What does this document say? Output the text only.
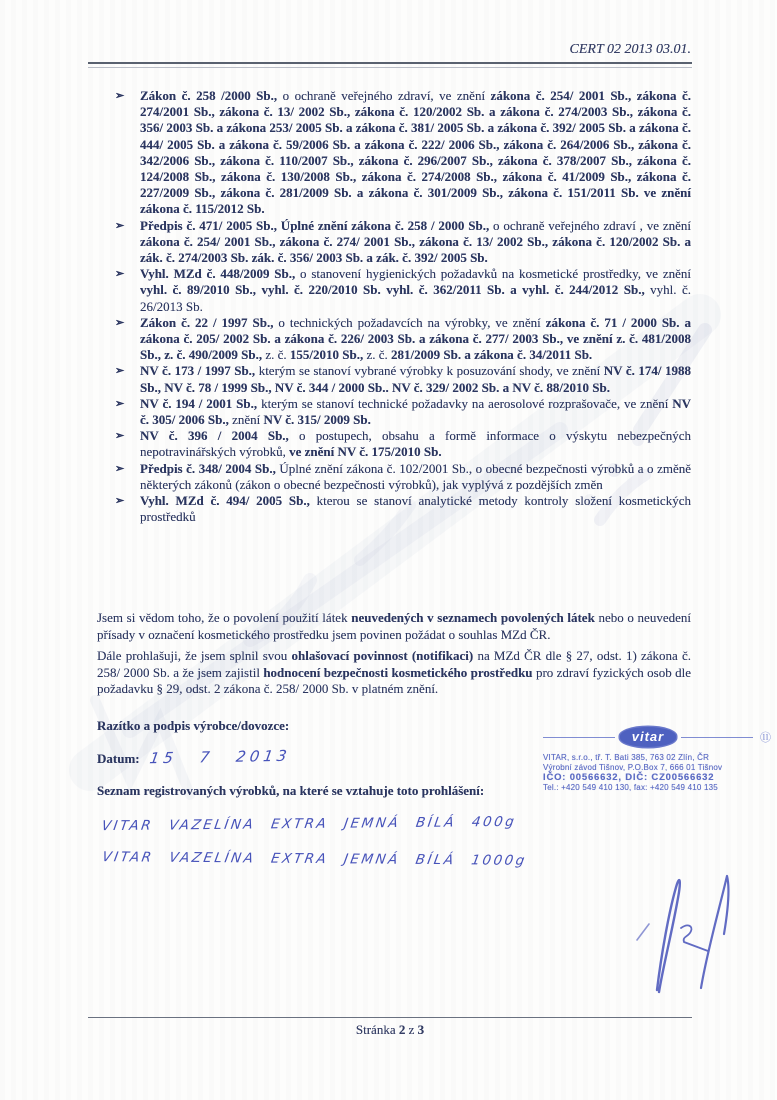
CERT 02 2013 03.01.
➢ Zákon č. 258 /2000 Sb., o ochraně veřejného zdraví, ve znění zákona č. 254/ 2001 Sb., zákona č. 274/2001 Sb., zákona č. 13/ 2002 Sb., zákona č. 120/2002 Sb. a zákona č. 274/2003 Sb., zákona č. 356/ 2003 Sb. a zákona 253/ 2005 Sb. a zákona č. 381/ 2005 Sb. a zákona č. 392/ 2005 Sb. a zákona č. 444/ 2005 Sb. a zákona č. 59/2006 Sb. a zákona č. 222/ 2006 Sb., zákona č. 264/2006 Sb., zákona č. 342/2006 Sb., zákona č. 110/2007 Sb., zákona č. 296/2007 Sb., zákona č. 378/2007 Sb., zákona č. 124/2008 Sb., zákona č. 130/2008 Sb., zákona č. 274/2008 Sb., zákona č. 41/2009 Sb., zákona č. 227/2009 Sb., zákona č. 281/2009 Sb. a zákona č. 301/2009 Sb., zákona č. 151/2011 Sb. ve znění zákona č. 115/2012 Sb.
➢ Předpis č. 471/ 2005 Sb., Úplné znění zákona č. 258 / 2000 Sb., o ochraně veřejného zdraví , ve znění zákona č. 254/ 2001 Sb., zákona č. 274/ 2001 Sb., zákona č. 13/ 2002 Sb., zákona č. 120/2002 Sb. a zák. č. 274/2003 Sb. zák. č. 356/ 2003 Sb. a zák. č. 392/ 2005 Sb.
➢ Vyhl. MZd č. 448/2009 Sb., o stanovení hygienických požadavků na kosmetické prostředky, ve znění vyhl. č. 89/2010 Sb., vyhl. č. 220/2010 Sb. vyhl. č. 362/2011 Sb. a vyhl. č. 244/2012 Sb., vyhl. č. 26/2013 Sb.
➢ Zákon č. 22 / 1997 Sb., o technických požadavcích na výrobky, ve znění zákona č. 71 / 2000 Sb. a zákona č. 205/ 2002 Sb. a zákona č. 226/ 2003 Sb. a zákona č. 277/ 2003 Sb., ve znění z. č. 481/2008 Sb., z. č. 490/2009 Sb., z. č. 155/2010 Sb., z. č. 281/2009 Sb. a zákona č. 34/2011 Sb.
➢ NV č. 173 / 1997 Sb., kterým se stanoví vybrané výrobky k posuzování shody, ve znění NV č. 174/ 1988 Sb., NV č. 78 / 1999 Sb., NV č. 344 / 2000 Sb.. NV č. 329/ 2002 Sb. a NV č. 88/2010 Sb.
➢ NV č. 194 / 2001 Sb., kterým se stanoví technické požadavky na aerosolové rozprašovače, ve znění NV č. 305/ 2006 Sb., znění NV č. 315/ 2009 Sb.
➢ NV č. 396 / 2004 Sb., o postupech, obsahu a formě informace o výskytu nebezpečných nepotravinářských výrobků, ve znění NV č. 175/2010 Sb.
➢ Předpis č. 348/ 2004 Sb., Úplné znění zákona č. 102/2001 Sb., o obecné bezpečnosti výrobků a o změně některých zákonů (zákon o obecné bezpečnosti výrobků), jak vyplývá z pozdějších změn
➢ Vyhl. MZd č. 494/ 2005 Sb., kterou se stanoví analytické metody kontroly složení kosmetických prostředků
Jsem si vědom toho, že o povolení použití látek neuvedených v seznamech povolených látek nebo o neuvedení přísady v označení kosmetického prostředku jsem povinen požádat o souhlas MZd ČR.
Dále prohlašuji, že jsem splnil svou ohlašovací povinnost (notifikaci) na MZd ČR dle § 27, odst. 1) zákona č. 258/ 2000 Sb. a že jsem zajistil hodnocení bezpečnosti kosmetického prostředku pro zdraví fyzických osob dle požadavku § 29, odst. 2 zákona č. 258/ 2000 Sb. v platném znění.
Razítko a podpis výrobce/dovozce:
Datum: 15 7 2013
Seznam registrovaných výrobků, na které se vztahuje toto prohlášení:
VITAR VAZELÍNA EXTRA JEMNÁ BÍLÁ 400g
VITAR VAZELÍNA EXTRA JEMNÁ BÍLÁ 1000g
ˇ
vitar	⑪
VITAR, s.r.o., tř. T. Bati 385, 763 02 Zlín, ČR
Výrobní závod Tišnov, P.O.Box 7, 666 01 Tišnov
IČO: 00566632, DIČ: CZ00566632
Tel.: +420 549 410 130, fax: +420 549 410 135
Stránka 2 z 3
